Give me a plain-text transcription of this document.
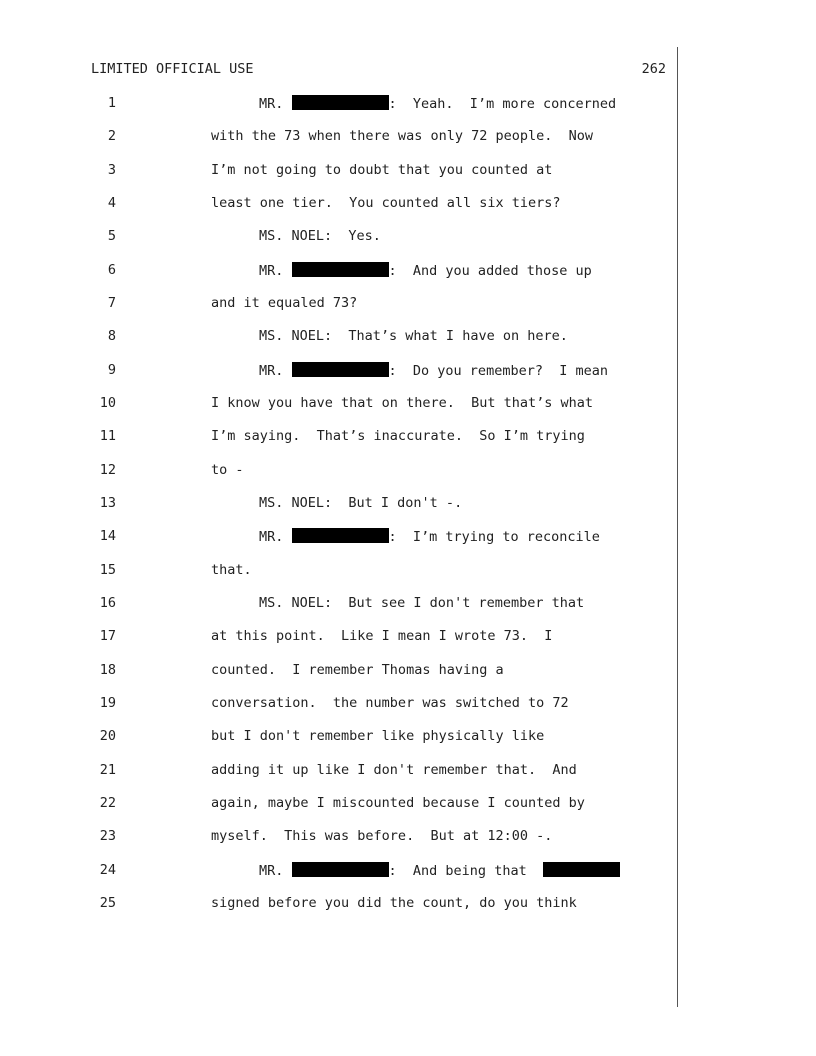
LIMITED OFFICIAL USE	262
1	MR.	:  Yeah.  I’m more concerned
2	with the 73 when there was only 72 people.  Now
3	I’m not going to doubt that you counted at
4	least one tier.  You counted all six tiers?
5	MS. NOEL:  Yes.
6	MR.	:  And you added those up
7	and it equaled 73?
8	MS. NOEL:  That’s what I have on here.
9	MR.	:  Do you remember?  I mean
10	I know you have that on there.  But that’s what
11	I’m saying.  That’s inaccurate.  So I’m trying
12	to -
13	MS. NOEL:  But I don't -.
14	MR.	:  I’m trying to reconcile
15	that.
16	MS. NOEL:  But see I don't remember that
17	at this point.  Like I mean I wrote 73.  I
18	counted.  I remember Thomas having a
19	conversation.  the number was switched to 72
20	but I don't remember like physically like
21	adding it up like I don't remember that.  And
22	again, maybe I miscounted because I counted by
23	myself.  This was before.  But at 12:00 -.
24	MR.	:  And being that
25	signed before you did the count, do you think
